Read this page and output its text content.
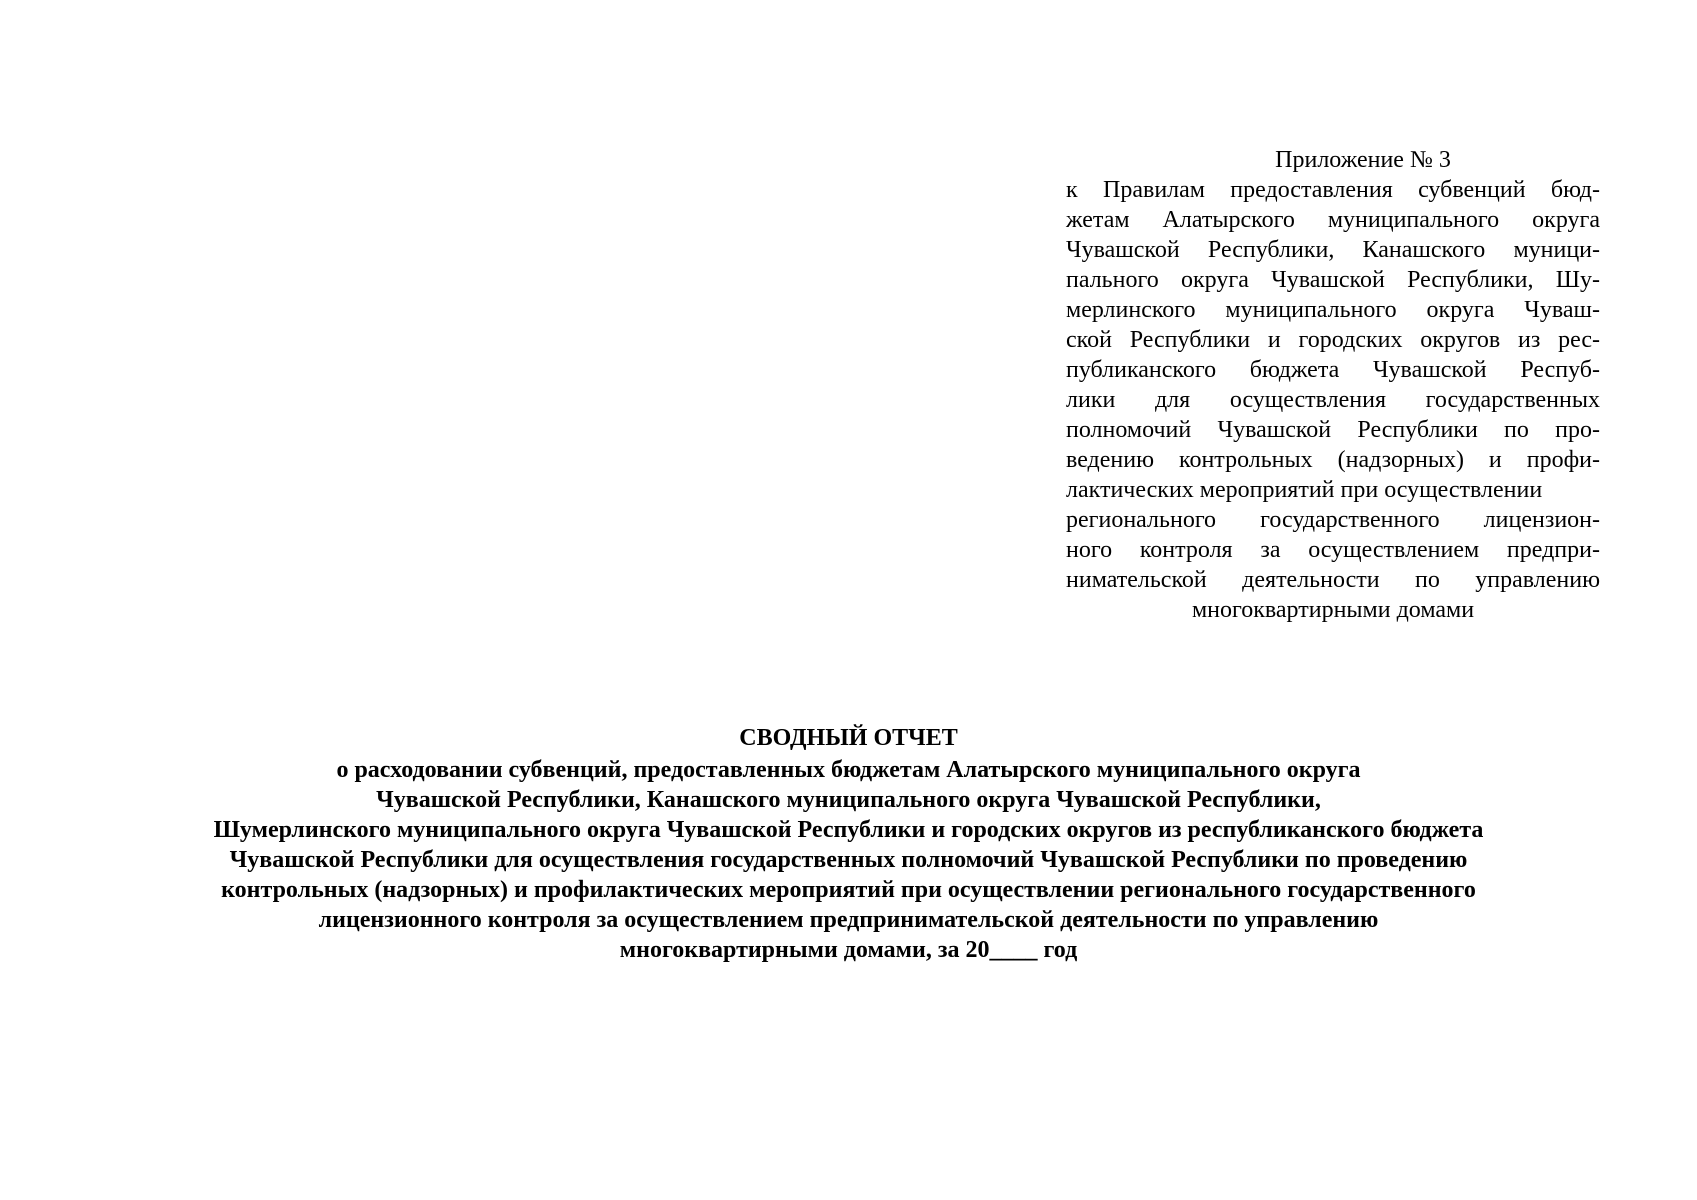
Приложение № 3
к Правилам предоставления субвенций бюд-
жетам Алатырского муниципального округа
Чувашской Республики, Канашского муници-
пального округа Чувашской Республики, Шу-
мерлинского муниципального округа Чуваш-
ской Республики и городских округов из рес-
публиканского бюджета Чувашской Респуб-
лики для осуществления государственных
полномочий Чувашской Республики по про-
ведению контрольных (надзорных) и профи-
лактических мероприятий при осуществлении
регионального государственного лицензион-
ного контроля за осуществлением предпри-
нимательской деятельности по управлению
многоквартирными домами
СВОДНЫЙ ОТЧЕТ
о расходовании субвенций, предоставленных бюджетам Алатырского муниципального округа
Чувашской Республики, Канашского муниципального округа Чувашской Республики,
Шумерлинского муниципального округа Чувашской Республики и городских округов из республиканского бюджета
Чувашской Республики для осуществления государственных полномочий Чувашской Республики по проведению
контрольных (надзорных) и профилактических мероприятий при осуществлении регионального государственного
лицензионного контроля за осуществлением предпринимательской деятельности по управлению
многоквартирными домами, за 20____ год
